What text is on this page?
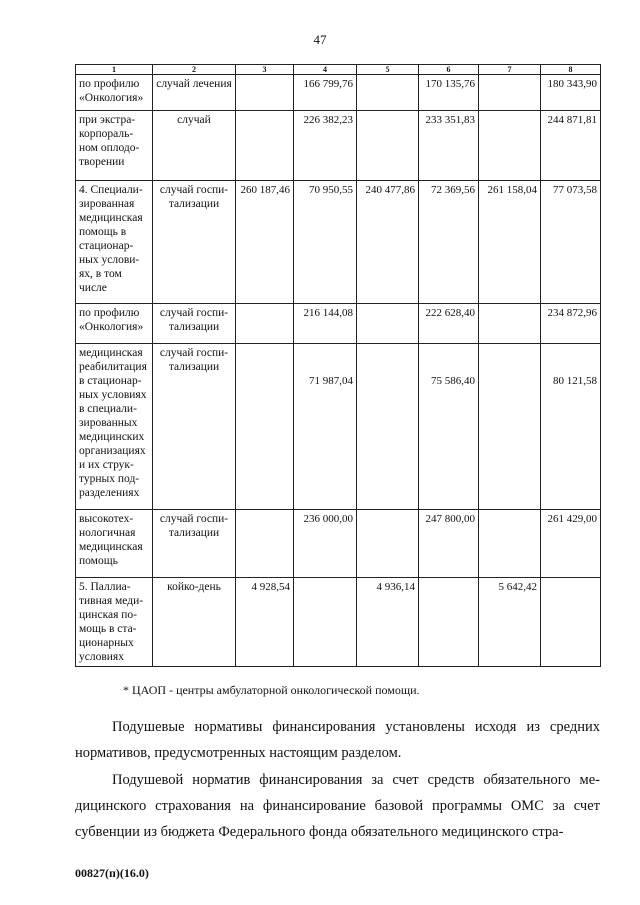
47
1	2	3	4	5	6	7	8
по профилю «Онкология»	случай лечения		166 799,76		170 135,76		180 343,90
при экстра-корпораль-ном оплодо-творении	случай		226 382,23		233 351,83		244 871,81
4. Специали-зированная медицинская помощь в стационар-ных услови-ях, в том числе	случай госпи-тализации	260 187,46	70 950,55	240 477,86	72 369,56	261 158,04	77 073,58
по профилю «Онкология»	случай госпи-тализации		216 144,08		222 628,40		234 872,96
медицинская реабилитация в стационар-ных условиях в специали-зированных медицинских организациях и их струк-турных под-разделениях	случай госпи-тализации		71 987,04		75 586,40		80 121,58
высокотех-нологичная медицинская помощь	случай госпи-тализации		236 000,00		247 800,00		261 429,00
5. Паллиа-тивная меди-цинская по-мощь в ста-ционарных условиях	койко-день	4 928,54		4 936,14		5 642,42	
* ЦАОП - центры амбулаторной онкологической помощи.
Подушевые нормативы финансирования установлены исходя из средних нормативов, предусмотренных настоящим разделом.
Подушевой норматив финансирования за счет средств обязательного ме-дицинского страхования на финансирование базовой программы ОМС за счет субвенции из бюджета Федерального фонда обязательного медицинского стра-
00827(п)(16.0)
